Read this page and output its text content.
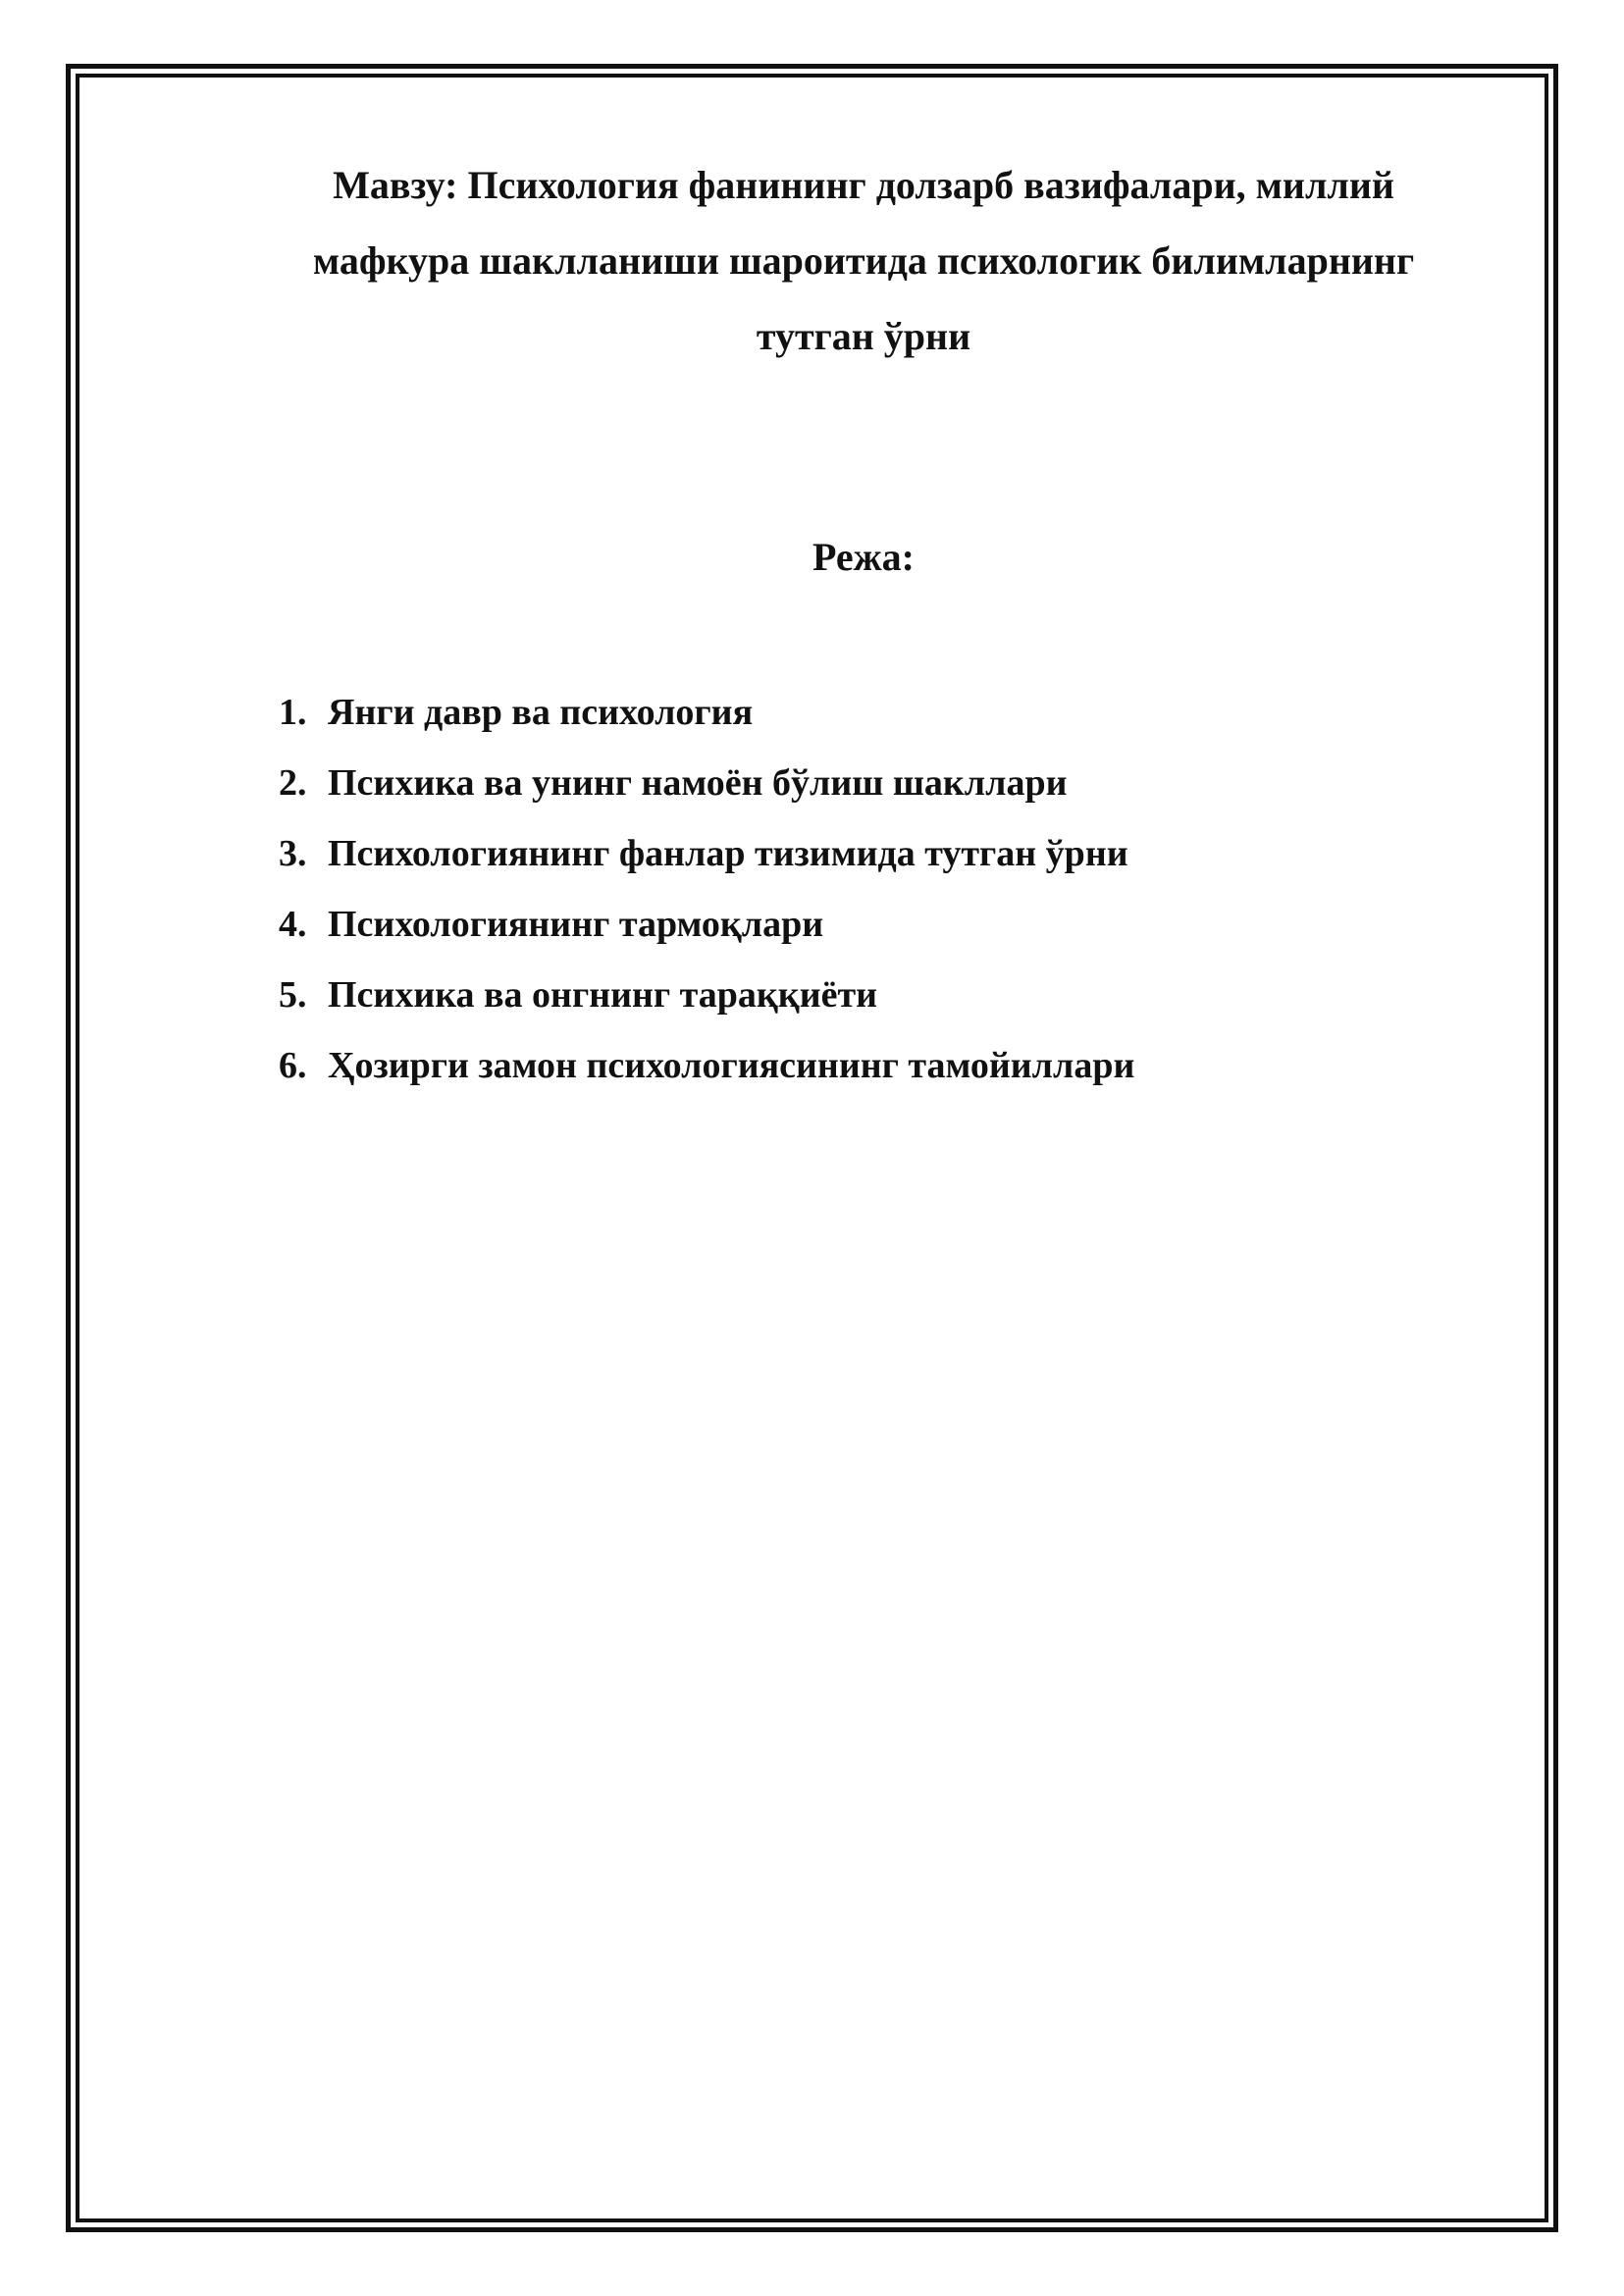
Мавзу: Психология фанининг долзарб вазифалари, миллий
мафкура шаклланиши шароитида психологик билимларнинг
тутган ўрни
Режа:
1. Янги давр ва психология
2. Психика ва унинг намоён бўлиш шакллари
3. Психологиянинг фанлар тизимида тутган ўрни
4. Психологиянинг тармоқлари
5. Психика ва онгнинг тараққиёти
6. Ҳозирги замон психологиясининг тамойиллари
